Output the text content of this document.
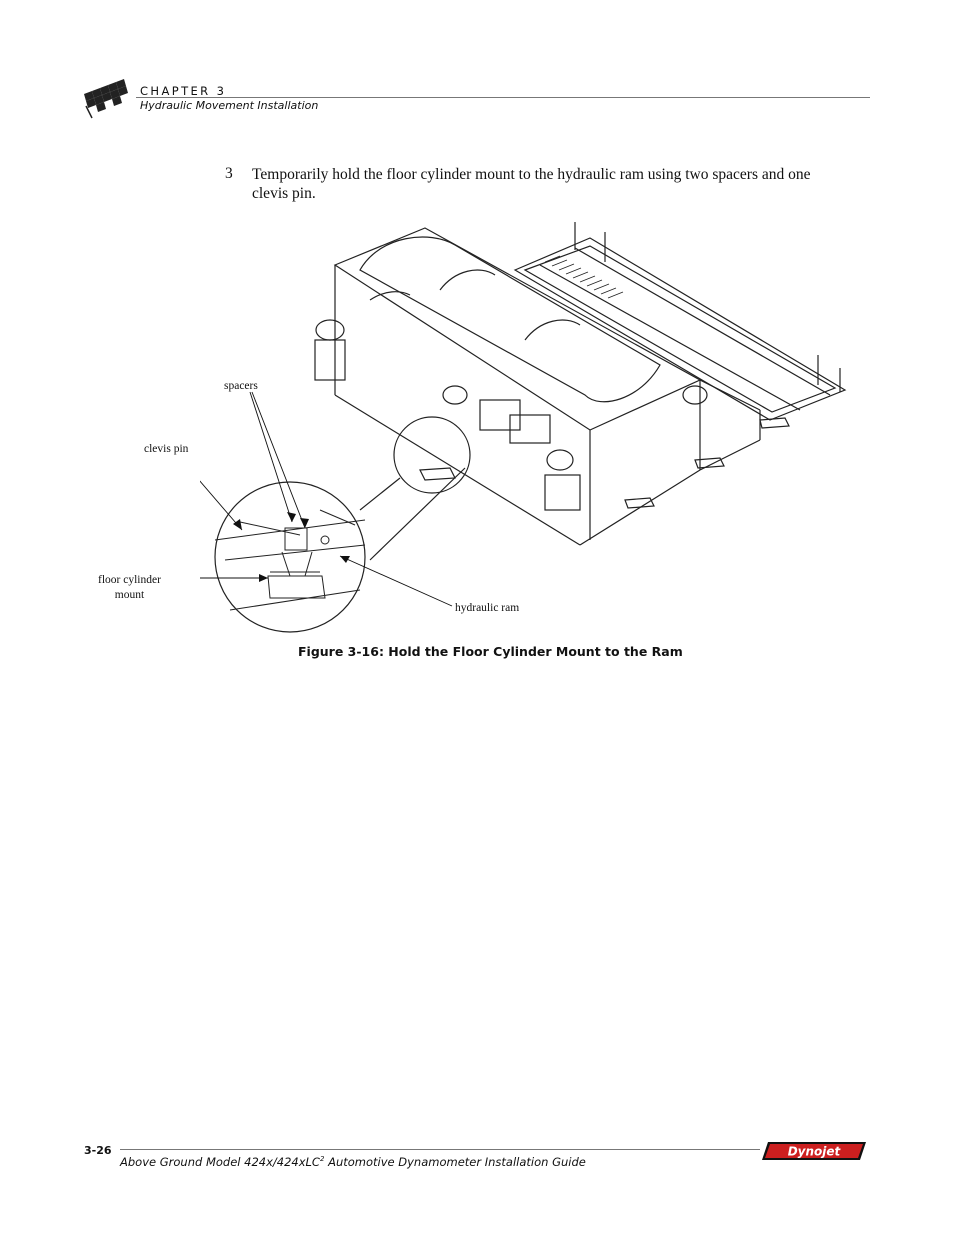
CHAPTER 3
Hydraulic Movement Installation
3 Temporarily hold the floor cylinder mount to the hydraulic ram using two spacers and one clevis pin.
spacers
clevis pin
floor cylinder
mount
hydraulic ram
Figure 3-16: Hold the Floor Cylinder Mount to the Ram
3-26
Above Ground Model 424x/424xLC$^2$ Automotive Dynamometer Installation Guide
Dynojet
